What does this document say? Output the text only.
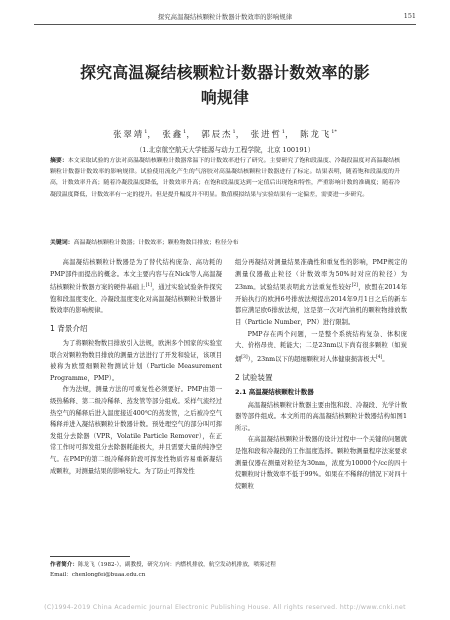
探究高温凝结核颗粒计数器计数效率的影响规律	151
探究高温凝结核颗粒计数器计数效率的影
响规律
张翠靖$^1$， 张鑫$^1$， 郭辰杰$^1$， 张进哲$^1$， 陈龙飞$^{1*}$
（1.北京航空航天大学能源与动力工程学院，北京 100191）
摘要：本文采取试验的方法对高温凝结核颗粒计数器常温下的计数效率进行了研究。主要研究了饱和段温度、冷凝段温度对高温凝结核颗粒计数器计数效率的影响规律。试验使用流化产生的气溶胶对高温凝结核颗粒计数器进行了标定。结果表明，随着饱和段温度的升高，计数效率升高；随着冷凝段温度降低，计数效率升高；在饱和段温度达到一定值后出现饱和特性，严重影响计数的准确度；随着冷凝段温度降低，计数效率有一定的提升。但是提升幅度并不明显。数值模拟结果与实验结果有一定偏差，需要进一步研究。
关键词：高温凝结核颗粒计数器；计数效率；颗粒物数目排放；粒径分布

高温凝结核颗粒计数器是为了替代结构庞杂、高功耗的PMP部件而提出的概念。本文主要内容与在Nick等人高温凝结核颗粒计数器方案的硬件基础上[1]，通过实验试验条件探究饱和段温度变化、冷凝段温度变化对高温凝结核颗粒计数器计数效率的影响规律。

1 背景介绍

为了将颗粒物数目排放引入法规，欧洲多个国家的实验室联合对颗粒物数目排放的测量方法进行了开发和验证，该项目被称为欧盟细颗粒物测试计划（Particle Measurement Programme，PMP）。

作为法规，测量方法的可重复性必须要好。PMP由第一级热稀释、第二级冷稀释、蒸发管等部分组成。采样气流经过热空气的稀释后进入温度接近400℃的蒸发管，之后被冷空气稀释并进入凝结核颗粒计数器计数。预处理空气的部分叫可挥发组分去除器（VPR，Volatile Particle Remover），在正常工作时可挥发组分去除器耗能极大，并且需要大量的纯净空气。在PMP的第二级冷稀释阶段可挥发性物质容易重新凝结成颗粒，对测量结果的影响较大。为了防止可挥发性

组分再凝结对测量结果准确性和重复性的影响，PMP规定的测量仪器截止粒径（计数效率为50%时对应的粒径）为23nm。试验结果表明此方法重复性较好[2]，欧盟在2014年开始执行的欧洲6号排放法规提出2014年9月1日之后的新车都应满足欧6排放法规，这是第一次对汽油机的颗粒物排放数目（Particle Number，PN）进行限制。

PMP存在两个问题，一是整个系统结构复杂、体积庞大、价格昂贵、耗能大；二是23nm以下尚有很多颗粒（如炭烟[3]），23nm以下的超细颗粒对人体健康损害极大[4]。

2 试验装置
2.1 高温凝结核颗粒计数器

高温凝结核颗粒计数器主要由饱和段、冷凝段、光学计数器等部件组成。本文所用的高温凝结核颗粒计数器结构如图1所示。

在高温凝结核颗粒计数器的设计过程中一个关键的问题就是饱和段和冷凝段的工作温度选择。颗粒物测量程序法案要求测量仅器在测量对粒径为30nm，浓度为10000个/cc的四十烷颗粒时计数效率不低于99%。如果在不稀释的情况下对四十烷颗粒

作者简介：陈龙飞（1982-），副教授，研究方向：内燃机排放，航空发动机排放，喷雾过程
Email：chenlongfei@buaa.edu.cn
(C)1994-2019 China Academic Journal Electronic Publishing House. All rights reserved. http://www.cnki.net
